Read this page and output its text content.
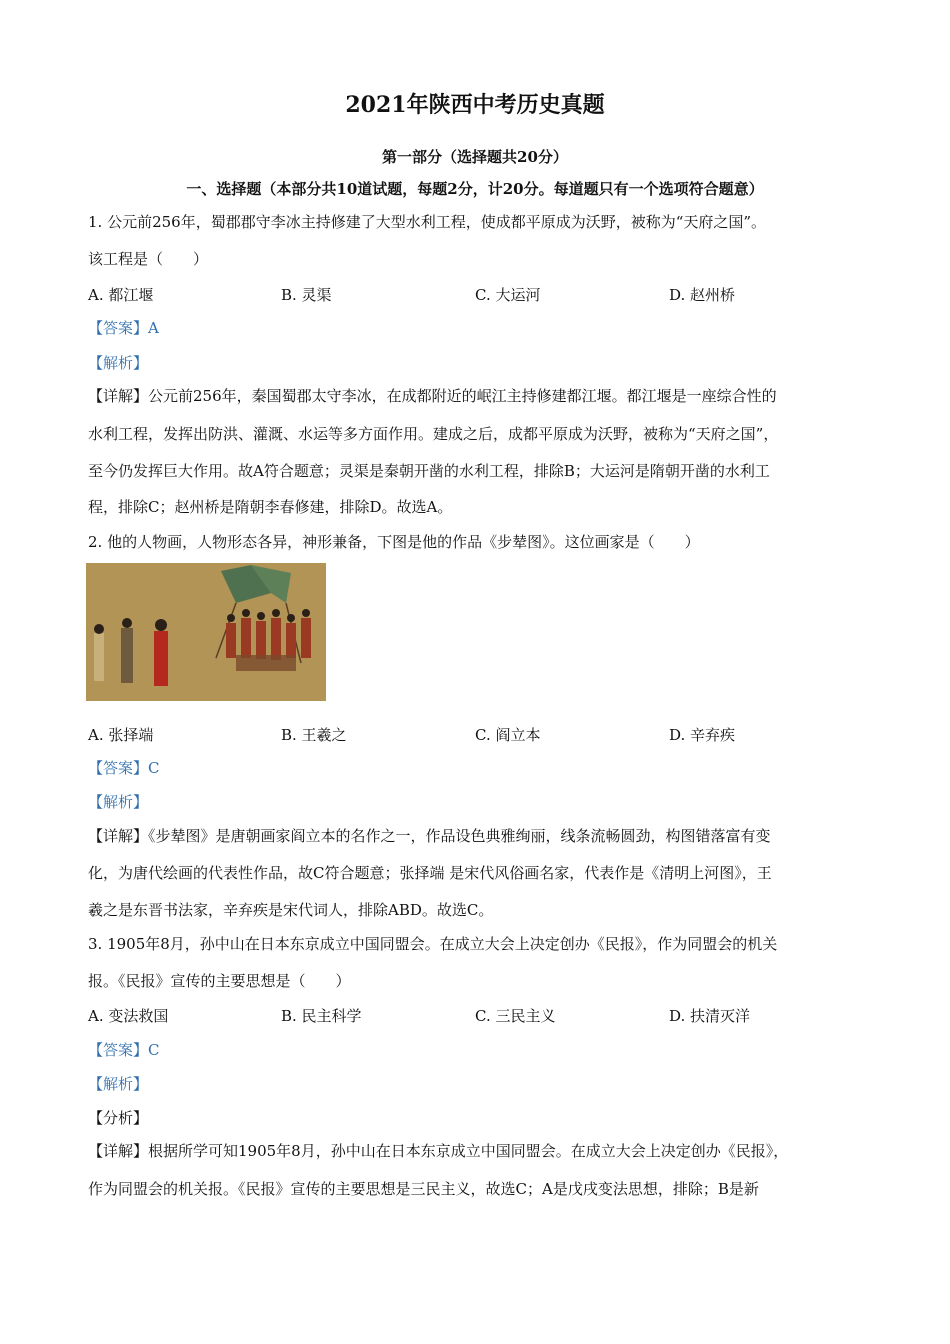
2021年陕西中考历史真题
第一部分（选择题共20分）
一、选择题（本部分共10道试题，每题2分，计20分。每道题只有一个选项符合题意）
1. 公元前256年，蜀郡郡守李冰主持修建了大型水利工程，使成都平原成为沃野，被称为“天府之国”。
该工程是（　　）
A. 都江堰	B. 灵渠	C. 大运河	D. 赵州桥
【答案】A
【解析】
【详解】公元前256年，秦国蜀郡太守李冰，在成都附近的岷江主持修建都江堰。都江堰是一座综合性的
水利工程，发挥出防洪、灌溉、水运等多方面作用。建成之后，成都平原成为沃野，被称为“天府之国”，
至今仍发挥巨大作用。故A符合题意；灵渠是秦朝开凿的水利工程，排除B；大运河是隋朝开凿的水利工
程，排除C；赵州桥是隋朝李春修建，排除D。故选A。
2. 他的人物画，人物形态各异，神形兼备，下图是他的作品《步辇图》。这位画家是（　　）
A. 张择端	B. 王羲之	C. 阎立本	D. 辛弃疾
【答案】C
【解析】
【详解】《步辇图》是唐朝画家阎立本的名作之一，作品设色典雅绚丽，线条流畅圆劲，构图错落富有变
化，为唐代绘画的代表性作品，故C符合题意；张择端 是宋代风俗画名家，代表作是《清明上河图》，王
羲之是东晋书法家，辛弃疾是宋代词人，排除ABD。故选C。
3. 1905年8月，孙中山在日本东京成立中国同盟会。在成立大会上决定创办《民报》，作为同盟会的机关
报。《民报》宣传的主要思想是（　　）
A. 变法救国	B. 民主科学	C. 三民主义	D. 扶清灭洋
【答案】C
【解析】
【分析】
【详解】根据所学可知1905年8月，孙中山在日本东京成立中国同盟会。在成立大会上决定创办《民报》，
作为同盟会的机关报。《民报》宣传的主要思想是三民主义，故选C；A是戊戌变法思想，排除；B是新
